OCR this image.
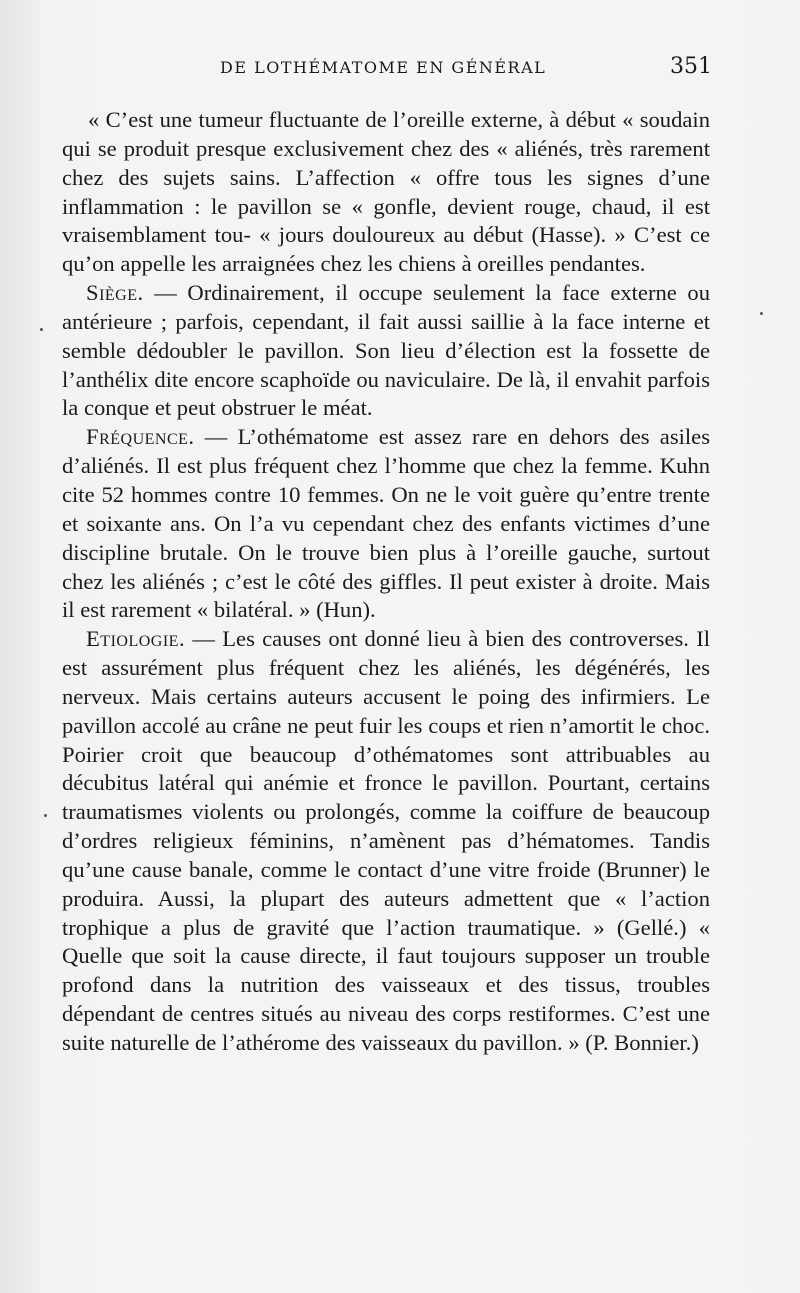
DE LOTHÉMATOME EN GÉNÉRAL	351

« C’est une tumeur fluctuante de l’oreille externe, à début « soudain qui se produit presque exclusivement chez des « aliénés, très rarement chez des sujets sains. L’affection « offre tous les signes d’une inflammation : le pavillon se « gonfle, devient rouge, chaud, il est vraisemblament tou- « jours douloureux au début (Hasse). » C’est ce qu’on appelle les arraignées chez les chiens à oreilles pendantes.

Siège. — Ordinairement, il occupe seulement la face externe ou antérieure ; parfois, cependant, il fait aussi saillie à la face interne et semble dédoubler le pavillon. Son lieu d’élection est la fossette de l’anthélix dite encore scaphoïde ou naviculaire. De là, il envahit parfois la conque et peut obstruer le méat.

Fréquence. — L’othématome est assez rare en dehors des asiles d’aliénés. Il est plus fréquent chez l’homme que chez la femme. Kuhn cite 52 hommes contre 10 femmes. On ne le voit guère qu’entre trente et soixante ans. On l’a vu cependant chez des enfants victimes d’une discipline brutale. On le trouve bien plus à l’oreille gauche, surtout chez les aliénés ; c’est le côté des giffles. Il peut exister à droite. Mais il est rarement « bilatéral. » (Hun).

Etiologie. — Les causes ont donné lieu à bien des controverses. Il est assurément plus fréquent chez les aliénés, les dégénérés, les nerveux. Mais certains auteurs accusent le poing des infirmiers. Le pavillon accolé au crâne ne peut fuir les coups et rien n’amortit le choc. Poirier croit que beaucoup d’othématomes sont attribuables au décubitus latéral qui anémie et fronce le pavillon. Pourtant, certains traumatismes violents ou prolongés, comme la coiffure de beaucoup d’ordres religieux féminins, n’amènent pas d’hématomes. Tandis qu’une cause banale, comme le contact d’une vitre froide (Brunner) le produira. Aussi, la plupart des auteurs admettent que « l’action trophique a plus de gravité que l’action traumatique. » (Gellé.) « Quelle que soit la cause directe, il faut toujours supposer un trouble profond dans la nutrition des vaisseaux et des tissus, troubles dépendant de centres situés au niveau des corps restiformes. C’est une suite naturelle de l’athérome des vaisseaux du pavillon. » (P. Bonnier.)
